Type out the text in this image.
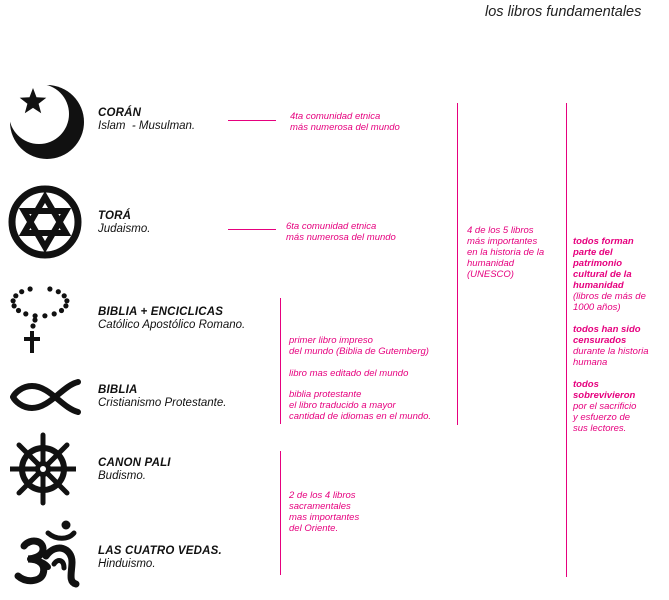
los libros fundamentales
CORÁN
Islam  - Musulman.
TORÁ
Judaismo.
BIBLIA + ENCICLICAS
Católico Apostólico Romano.
BIBLIA
Cristianismo Protestante.
CANON PALI
Budismo.
LAS CUATRO VEDAS.
Hinduismo.
4ta comunidad etnica
más numerosa del mundo
6ta comunidad etnica
más numerosa del mundo
primer libro impreso
del mundo (Biblia de Gutemberg)
libro mas editado del mundo
biblia protestante
el libro traducido a mayor
cantidad de idiomas en el mundo.
2 de los 4 libros
sacramentales
mas importantes
del Oriente.
4 de los 5 libros
más importantes
en la historia de la
humanidad
(UNESCO)
todos forman
parte del
patrimonio
cultural de la
humanidad
(libros de más de
1000 años)
todos han sido
censurados
durante la historia
humana
todos
sobrevivieron
por el sacrificio
y esfuerzo de
sus lectores.
